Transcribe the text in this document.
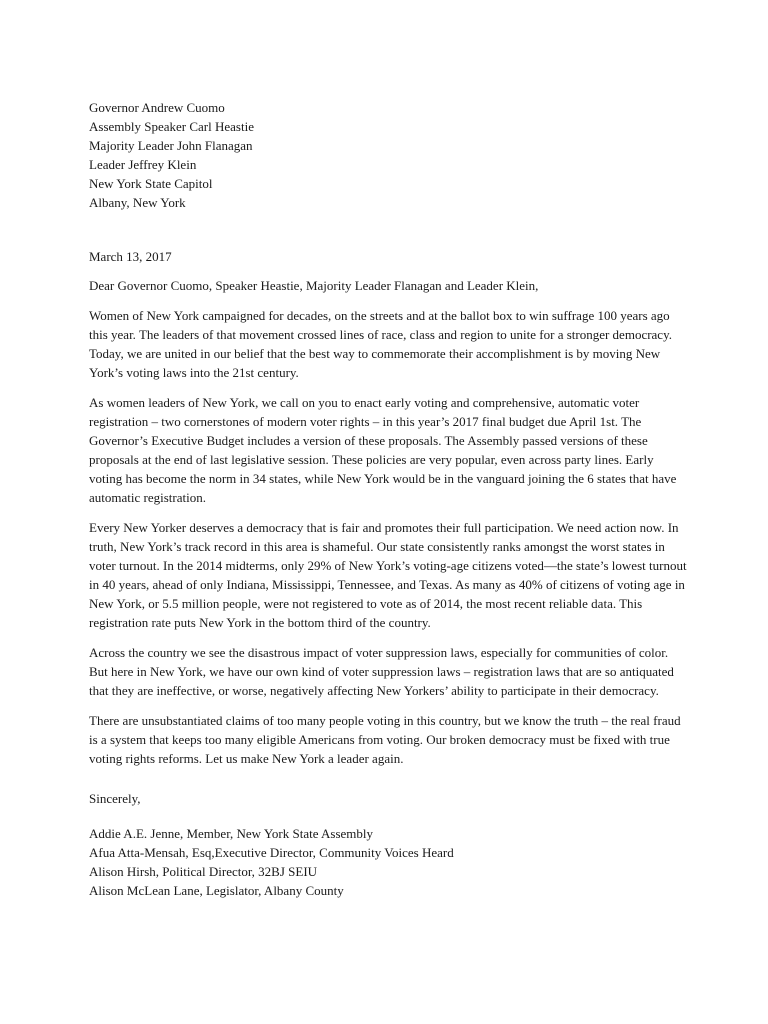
Governor Andrew Cuomo
Assembly Speaker Carl Heastie
Majority Leader John Flanagan
Leader Jeffrey Klein
New York State Capitol
Albany, New York
March 13, 2017
Dear Governor Cuomo, Speaker Heastie, Majority Leader Flanagan and Leader Klein,

Women of New York campaigned for decades, on the streets and at the ballot box to win suffrage 100 years ago this year. The leaders of that movement crossed lines of race, class and region to unite for a stronger democracy. Today, we are united in our belief that the best way to commemorate their accomplishment is by moving New York’s voting laws into the 21st century.

As women leaders of New York, we call on you to enact early voting and comprehensive, automatic voter registration – two cornerstones of modern voter rights – in this year’s 2017 final budget due April 1st. The Governor’s Executive Budget includes a version of these proposals. The Assembly passed versions of these proposals at the end of last legislative session. These policies are very popular, even across party lines. Early voting has become the norm in 34 states, while New York would be in the vanguard joining the 6 states that have automatic registration.

Every New Yorker deserves a democracy that is fair and promotes their full participation. We need action now. In truth, New York’s track record in this area is shameful. Our state consistently ranks amongst the worst states in voter turnout. In the 2014 midterms, only 29% of New York’s voting-age citizens voted—the state’s lowest turnout in 40 years, ahead of only Indiana, Mississippi, Tennessee, and Texas. As many as 40% of citizens of voting age in New York, or 5.5 million people, were not registered to vote as of 2014, the most recent reliable data. This registration rate puts New York in the bottom third of the country.

Across the country we see the disastrous impact of voter suppression laws, especially for communities of color. But here in New York, we have our own kind of voter suppression laws – registration laws that are so antiquated that they are ineffective, or worse, negatively affecting New Yorkers’ ability to participate in their democracy.

There are unsubstantiated claims of too many people voting in this country, but we know the truth – the real fraud is a system that keeps too many eligible Americans from voting. Our broken democracy must be fixed with true voting rights reforms. Let us make New York a leader again.

Sincerely,
Addie A.E. Jenne, Member, New York State Assembly
Afua Atta-Mensah, Esq,Executive Director, Community Voices Heard
Alison Hirsh, Political Director, 32BJ SEIU
Alison McLean Lane, Legislator, Albany County
